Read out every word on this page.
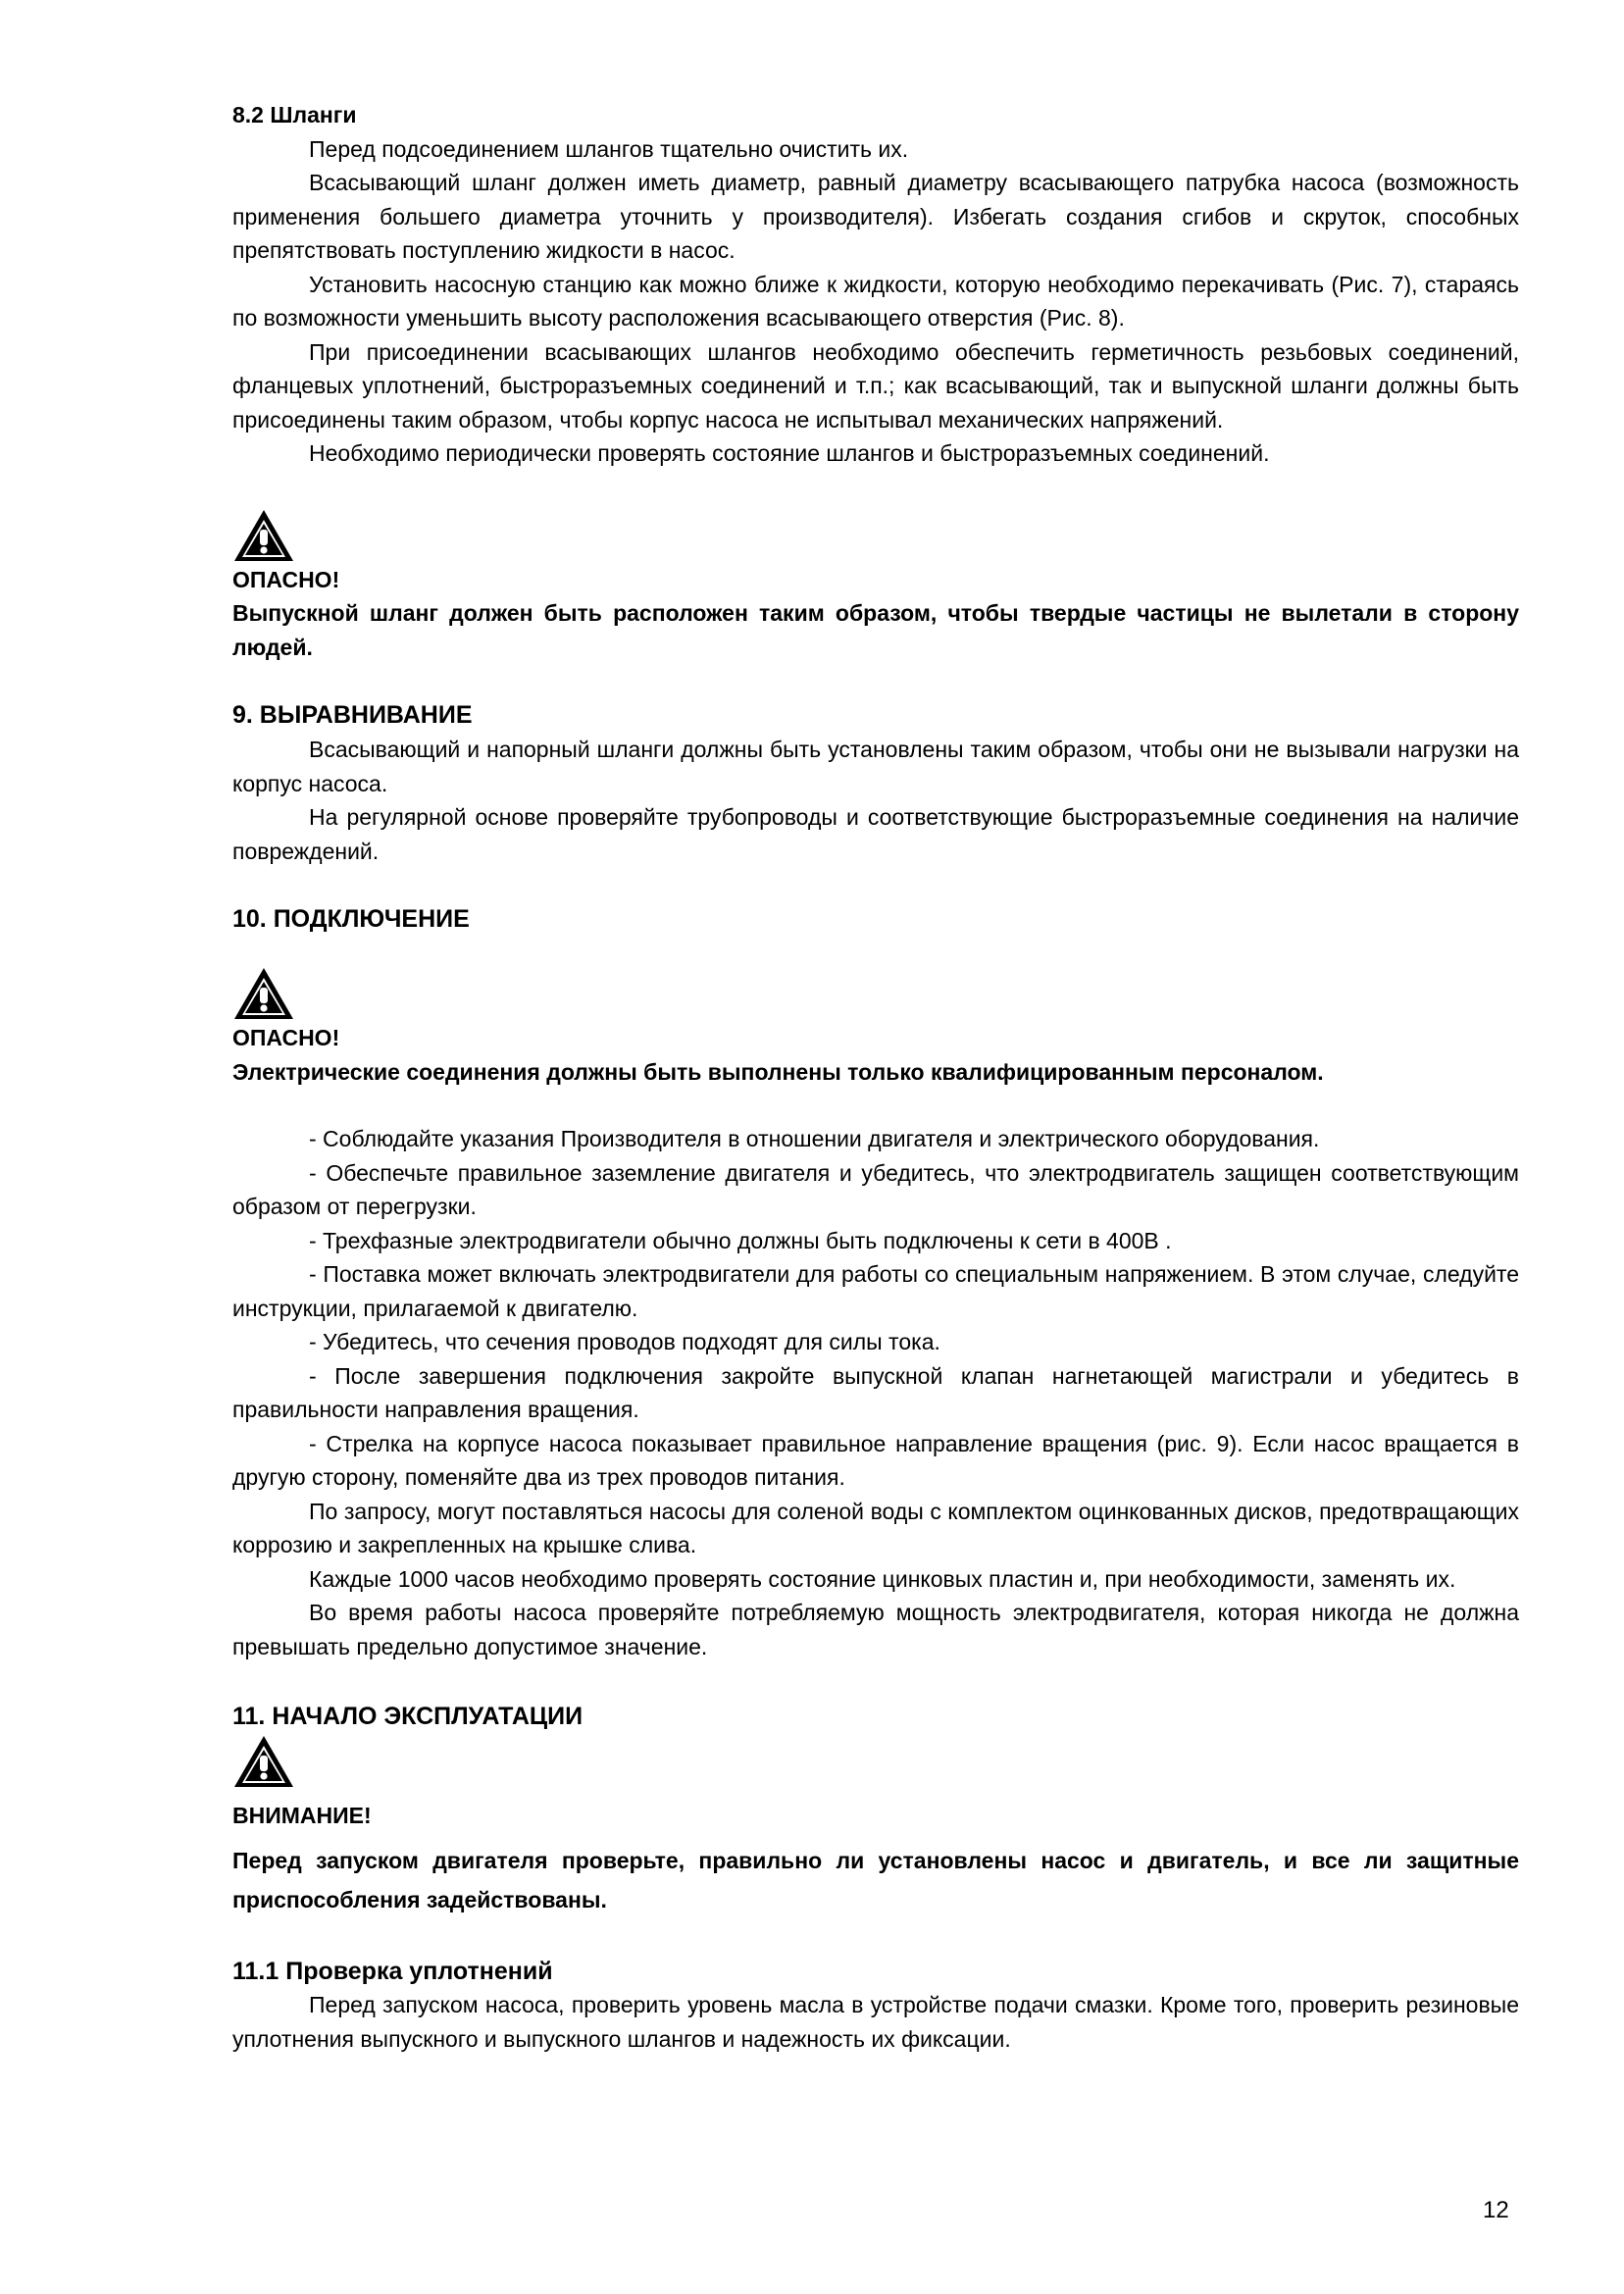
8.2 Шланги

Перед подсоединением шлангов тщательно очистить их.

Всасывающий шланг должен иметь диаметр, равный диаметру всасывающего патрубка насоса (возможность применения большего диаметра уточнить у производителя). Избегать создания сгибов и скруток, способных препятствовать поступлению жидкости в насос.

Установить насосную станцию как можно ближе к жидкости, которую необходимо перекачивать (Рис. 7), стараясь по возможности уменьшить высоту расположения всасывающего отверстия (Рис. 8).

При присоединении всасывающих шлангов необходимо обеспечить герметичность резьбовых соединений, фланцевых уплотнений, быстроразъемных соединений и т.п.; как всасывающий, так и выпускной шланги должны быть присоединены таким образом, чтобы корпус насоса не испытывал механических напряжений.

Необходимо периодически проверять состояние шлангов и быстроразъемных соединений.

ОПАСНО!

Выпускной шланг должен быть расположен таким образом, чтобы твердые частицы не вылетали в сторону людей.

9. ВЫРАВНИВАНИЕ

Всасывающий и напорный шланги должны быть установлены таким образом, чтобы они не вызывали нагрузки на корпус насоса.

На регулярной основе проверяйте трубопроводы и соответствующие быстроразъемные соединения на наличие повреждений.

10. ПОДКЛЮЧЕНИЕ

ОПАСНО!

Электрические соединения должны быть выполнены только квалифицированным персоналом.

- Соблюдайте указания Производителя в отношении двигателя и электрического оборудования.

- Обеспечьте правильное заземление двигателя и убедитесь, что электродвигатель защищен соответствующим образом от перегрузки.

- Трехфазные электродвигатели обычно должны быть подключены к сети в 400В .

- Поставка может включать электродвигатели для работы со специальным напряжением. В этом случае, следуйте инструкции, прилагаемой к двигателю.

- Убедитесь, что сечения проводов подходят для силы тока.

- После завершения подключения закройте выпускной клапан нагнетающей магистрали и убедитесь в правильности направления вращения.

- Стрелка на корпусе насоса показывает правильное направление вращения (рис. 9). Если насос вращается в другую сторону, поменяйте два из трех проводов питания.

По запросу, могут поставляться насосы для соленой воды с комплектом оцинкованных дисков, предотвращающих коррозию и закрепленных на крышке слива.

Каждые 1000 часов необходимо проверять состояние цинковых пластин и, при необходимости, заменять их.

Во время работы насоса проверяйте потребляемую мощность электродвигателя, которая никогда не должна превышать предельно допустимое значение.

11. НАЧАЛО ЭКСПЛУАТАЦИИ

ВНИМАНИЕ!

Перед запуском двигателя проверьте, правильно ли установлены насос и двигатель, и все ли защитные приспособления задействованы.

11.1 Проверка уплотнений

Перед запуском насоса, проверить уровень масла в устройстве подачи смазки. Кроме того, проверить резиновые уплотнения выпускного и выпускного шлангов и надежность их фиксации.

12
